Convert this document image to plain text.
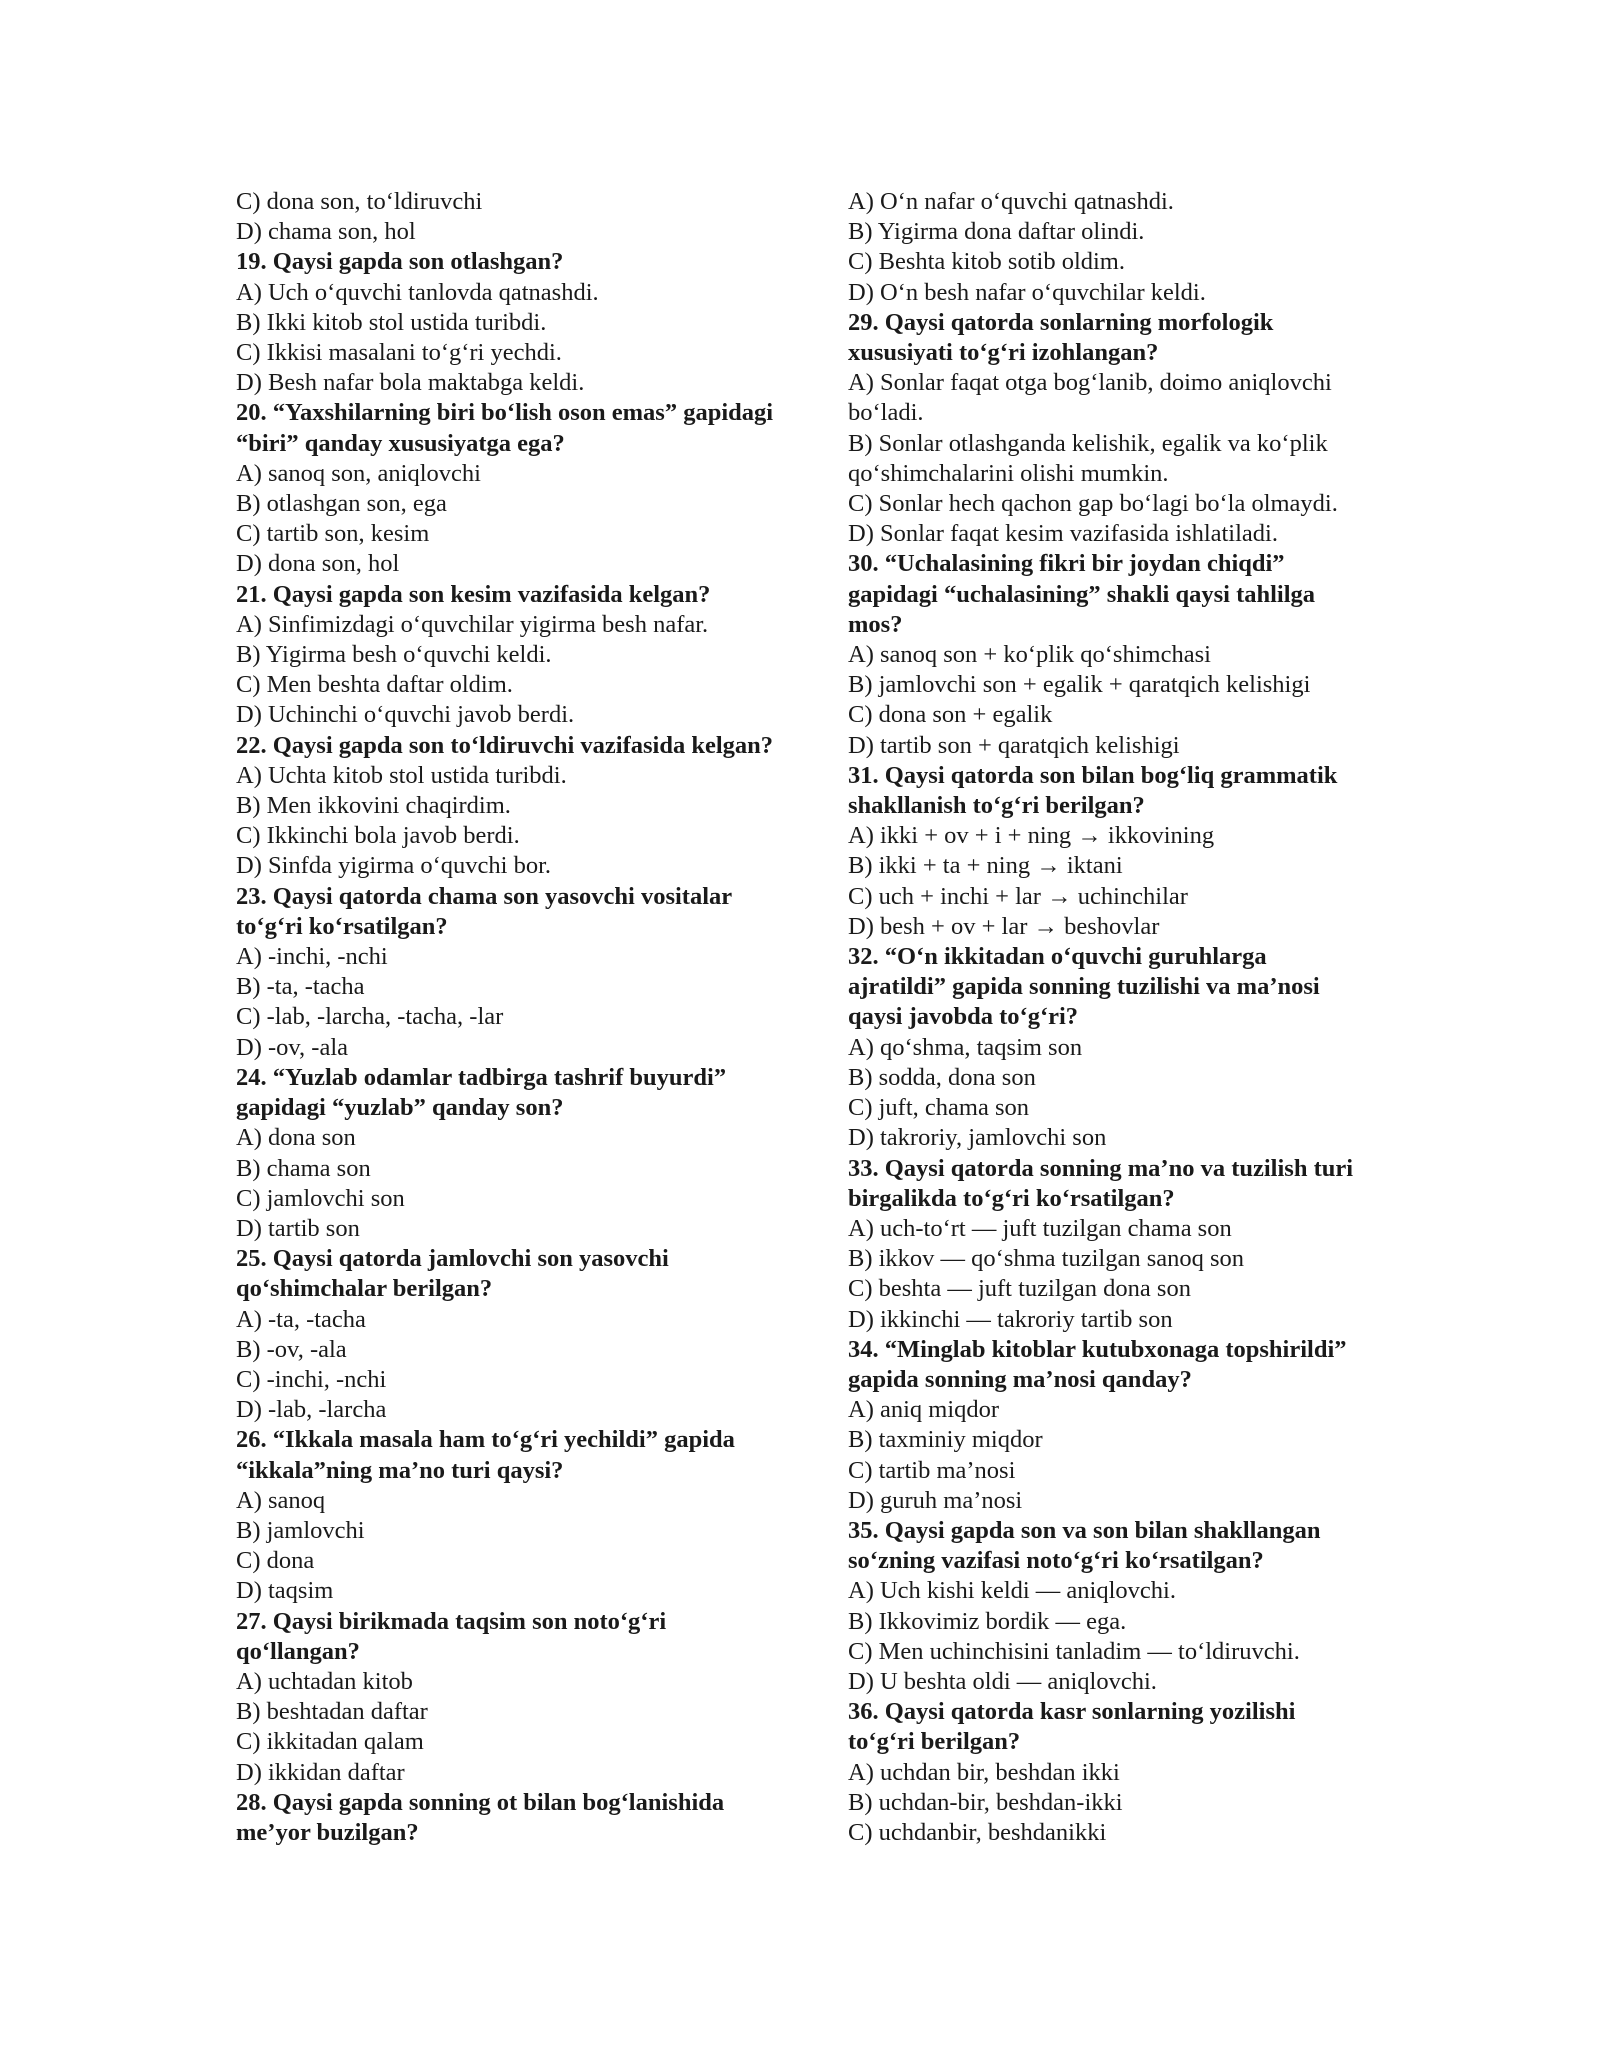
C) dona son, to‘ldiruvchi
D) chama son, hol
19. Qaysi gapda son otlashgan?
A) Uch o‘quvchi tanlovda qatnashdi.
B) Ikki kitob stol ustida turibdi.
C) Ikkisi masalani to‘g‘ri yechdi.
D) Besh nafar bola maktabga keldi.
20. “Yaxshilarning biri bo‘lish oson emas” gapidagi “biri” qanday xususiyatga ega?
A) sanoq son, aniqlovchi
B) otlashgan son, ega
C) tartib son, kesim
D) dona son, hol
21. Qaysi gapda son kesim vazifasida kelgan?
A) Sinfimizdagi o‘quvchilar yigirma besh nafar.
B) Yigirma besh o‘quvchi keldi.
C) Men beshta daftar oldim.
D) Uchinchi o‘quvchi javob berdi.
22. Qaysi gapda son to‘ldiruvchi vazifasida kelgan?
A) Uchta kitob stol ustida turibdi.
B) Men ikkovini chaqirdim.
C) Ikkinchi bola javob berdi.
D) Sinfda yigirma o‘quvchi bor.
23. Qaysi qatorda chama son yasovchi vositalar to‘g‘ri ko‘rsatilgan?
A) -inchi, -nchi
B) -ta, -tacha
C) -lab, -larcha, -tacha, -lar
D) -ov, -ala
24. “Yuzlab odamlar tadbirga tashrif buyurdi” gapidagi “yuzlab” qanday son?
A) dona son
B) chama son
C) jamlovchi son
D) tartib son
25. Qaysi qatorda jamlovchi son yasovchi qo‘shimchalar berilgan?
A) -ta, -tacha
B) -ov, -ala
C) -inchi, -nchi
D) -lab, -larcha
26. “Ikkala masala ham to‘g‘ri yechildi” gapida “ikkala”ning ma’no turi qaysi?
A) sanoq
B) jamlovchi
C) dona
D) taqsim
27. Qaysi birikmada taqsim son noto‘g‘ri qo‘llangan?
A) uchtadan kitob
B) beshtadan daftar
C) ikkitadan qalam
D) ikkidan daftar
28. Qaysi gapda sonning ot bilan bog‘lanishida me’yor buzilgan?
A) O‘n nafar o‘quvchi qatnashdi.
B) Yigirma dona daftar olindi.
C) Beshta kitob sotib oldim.
D) O‘n besh nafar o‘quvchilar keldi.
29. Qaysi qatorda sonlarning morfologik xususiyati to‘g‘ri izohlangan?
A) Sonlar faqat otga bog‘lanib, doimo aniqlovchi bo‘ladi.
B) Sonlar otlashganda kelishik, egalik va ko‘plik qo‘shimchalarini olishi mumkin.
C) Sonlar hech qachon gap bo‘lagi bo‘la olmaydi.
D) Sonlar faqat kesim vazifasida ishlatiladi.
30. “Uchalasining fikri bir joydan chiqdi” gapidagi “uchalasining” shakli qaysi tahlilga mos?
A) sanoq son + ko‘plik qo‘shimchasi
B) jamlovchi son + egalik + qaratqich kelishigi
C) dona son + egalik
D) tartib son + qaratqich kelishigi
31. Qaysi qatorda son bilan bog‘liq grammatik shakllanish to‘g‘ri berilgan?
A) ikki + ov + i + ning → ikkovining
B) ikki + ta + ning → iktani
C) uch + inchi + lar → uchinchilar
D) besh + ov + lar → beshovlar
32. “O‘n ikkitadan o‘quvchi guruhlarga ajratildi” gapida sonning tuzilishi va ma’nosi qaysi javobda to‘g‘ri?
A) qo‘shma, taqsim son
B) sodda, dona son
C) juft, chama son
D) takroriy, jamlovchi son
33. Qaysi qatorda sonning ma’no va tuzilish turi birgalikda to‘g‘ri ko‘rsatilgan?
A) uch-to‘rt — juft tuzilgan chama son
B) ikkov — qo‘shma tuzilgan sanoq son
C) beshta — juft tuzilgan dona son
D) ikkinchi — takroriy tartib son
34. “Minglab kitoblar kutubxonaga topshirildi” gapida sonning ma’nosi qanday?
A) aniq miqdor
B) taxminiy miqdor
C) tartib ma’nosi
D) guruh ma’nosi
35. Qaysi gapda son va son bilan shakllangan so‘zning vazifasi noto‘g‘ri ko‘rsatilgan?
A) Uch kishi keldi — aniqlovchi.
B) Ikkovimiz bordik — ega.
C) Men uchinchisini tanladim — to‘ldiruvchi.
D) U beshta oldi — aniqlovchi.
36. Qaysi qatorda kasr sonlarning yozilishi to‘g‘ri berilgan?
A) uchdan bir, beshdan ikki
B) uchdan-bir, beshdan-ikki
C) uchdanbir, beshdanikki
